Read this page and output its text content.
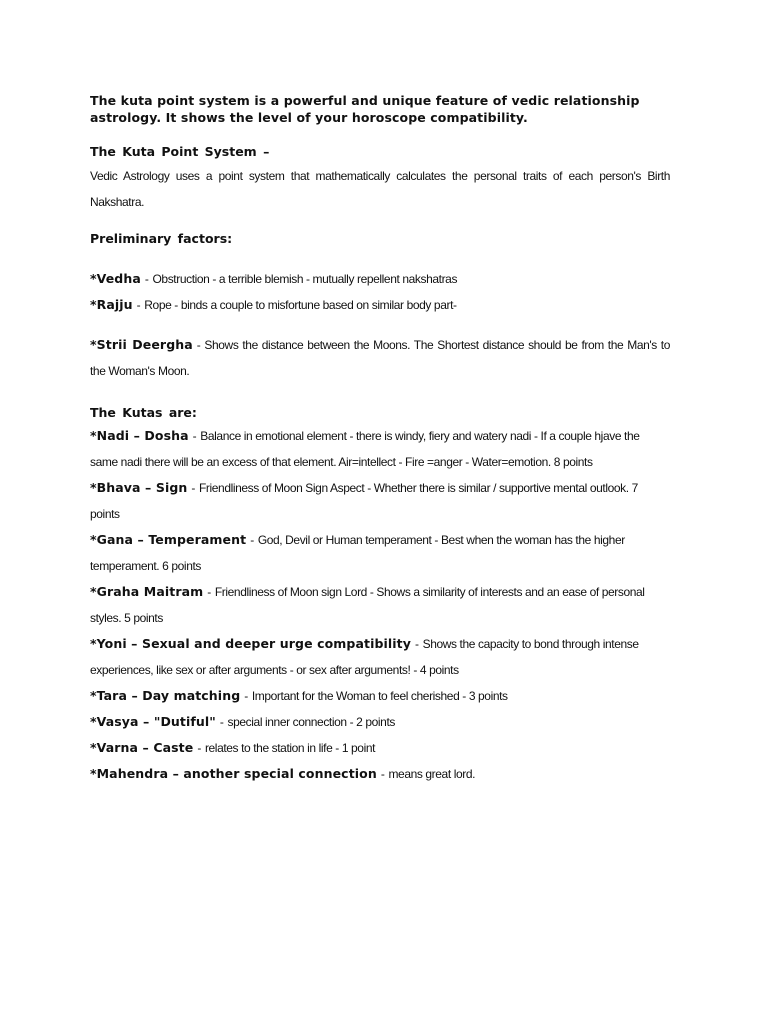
The kuta point system is a powerful and unique feature of vedic relationship astrology. It shows the level of your horoscope compatibility.

The Kuta Point System –

Vedic Astrology uses a point system that mathematically calculates the personal traits of each person's Birth Nakshatra.

Preliminary factors:

*Vedha - Obstruction - a terrible blemish - mutually repellent nakshatras

*Rajju - Rope - binds a couple to misfortune based on similar body part-

*Strii Deergha - Shows the distance between the Moons. The Shortest distance should be from the Man's to the Woman's Moon.

The Kutas are:

*Nadi – Dosha - Balance in emotional element - there is windy, fiery and watery nadi - If a couple hjave the same nadi there will be an excess of that element. Air=intellect - Fire =anger - Water=emotion. 8 points

*Bhava – Sign - Friendliness of Moon Sign Aspect - Whether there is similar / supportive mental outlook. 7 points

*Gana – Temperament - God, Devil or Human temperament - Best when the woman has the higher temperament. 6 points

*Graha Maitram - Friendliness of Moon sign Lord - Shows a similarity of interests and an ease of personal styles. 5 points

*Yoni – Sexual and deeper urge compatibility - Shows the capacity to bond through intense experiences, like sex or after arguments - or sex after arguments! - 4 points

*Tara – Day matching - Important for the Woman to feel cherished - 3 points

*Vasya – "Dutiful" - special inner connection - 2 points

*Varna – Caste - relates to the station in life - 1 point

*Mahendra – another special connection - means great lord.
